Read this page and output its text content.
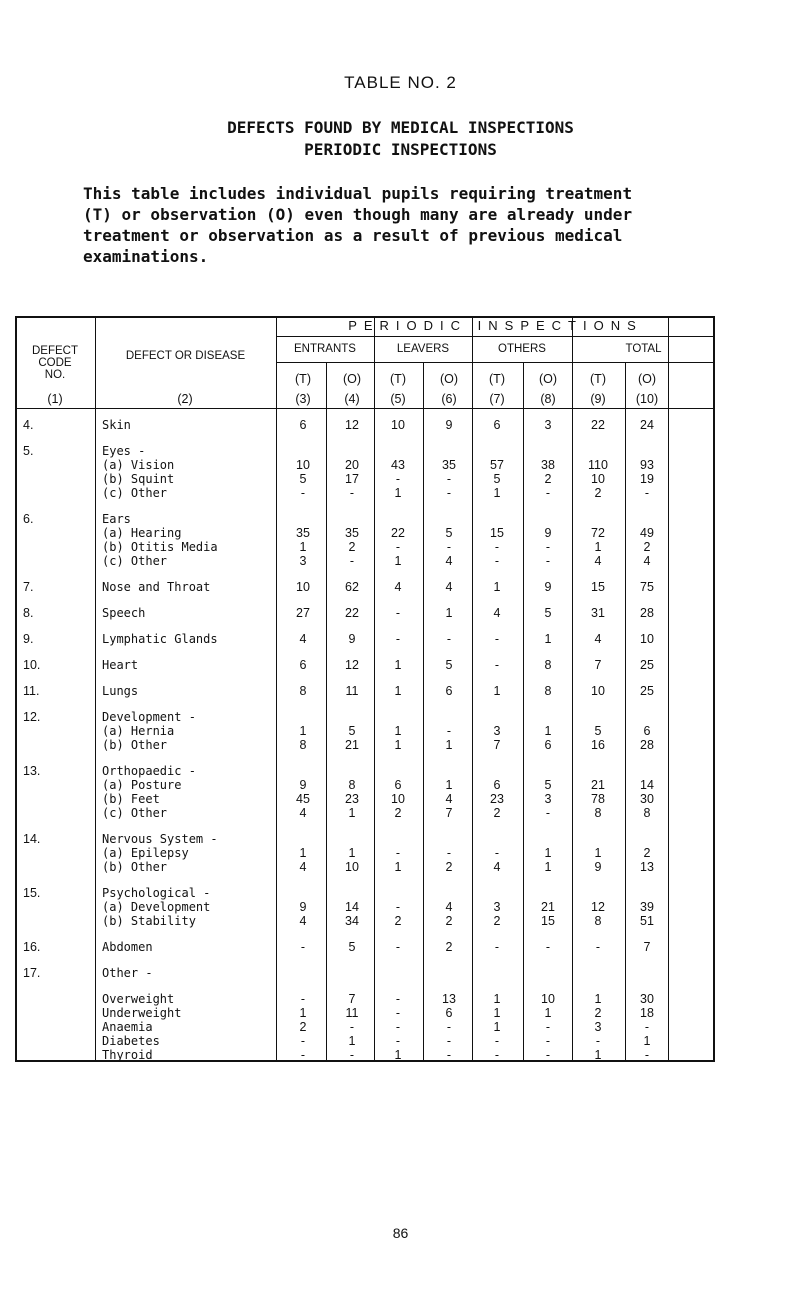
TABLE NO. 2
DEFECTS FOUND BY MEDICAL INSPECTIONS
PERIODIC INSPECTIONS
This table includes individual pupils requiring treatment
(T) or observation (O) even though many are already under
treatment or observation as a result of previous medical
examinations.
PERIODIC INSPECTIONS
DEFECT
CODE
NO.
DEFECT OR DISEASE
ENTRANTS	LEAVERS	OTHERS	TOTAL
(T)	(O)	(T)	(O)	(T)	(O)	(T)	(O)
(1)	(2)	(3)	(4)	(5)	(6)	(7)	(8)	(9)	(10)
4.	Skin	6	12	10	9	6	3	22	24
5.	Eyes -
(a) Vision	10	20	43	35	57	38	110	93
(b) Squint	5	17	-	-	5	2	10	19
(c) Other	-	-	1	-	1	-	2	-
6.	Ears
(a) Hearing	35	35	22	5	15	9	72	49
(b) Otitis Media	1	2	-	-	-	-	1	2
(c) Other	3	-	1	4	-	-	4	4
7.	Nose and Throat	10	62	4	4	1	9	15	75
8.	Speech	27	22	-	1	4	5	31	28
9.	Lymphatic Glands	4	9	-	-	-	1	4	10
10.	Heart	6	12	1	5	-	8	7	25
11.	Lungs	8	11	1	6	1	8	10	25
12.	Development -
(a) Hernia	1	5	1	-	3	1	5	6
(b) Other	8	21	1	1	7	6	16	28
13.	Orthopaedic -
(a) Posture	9	8	6	1	6	5	21	14
(b) Feet	45	23	10	4	23	3	78	30
(c) Other	4	1	2	7	2	-	8	8
14.	Nervous System -
(a) Epilepsy	1	1	-	-	-	1	1	2
(b) Other	4	10	1	2	4	1	9	13
15.	Psychological -
(a) Development	9	14	-	4	3	21	12	39
(b) Stability	4	34	2	2	2	15	8	51
16.	Abdomen	-	5	-	2	-	-	-	7
17.	Other -
Overweight	-	7	-	13	1	10	1	30
Underweight	1	11	-	6	1	1	2	18
Anaemia	2	-	-	-	1	-	3	-
Diabetes	-	1	-	-	-	-	-	1
Thyroid	-	-	1	-	-	-	1	-
86
